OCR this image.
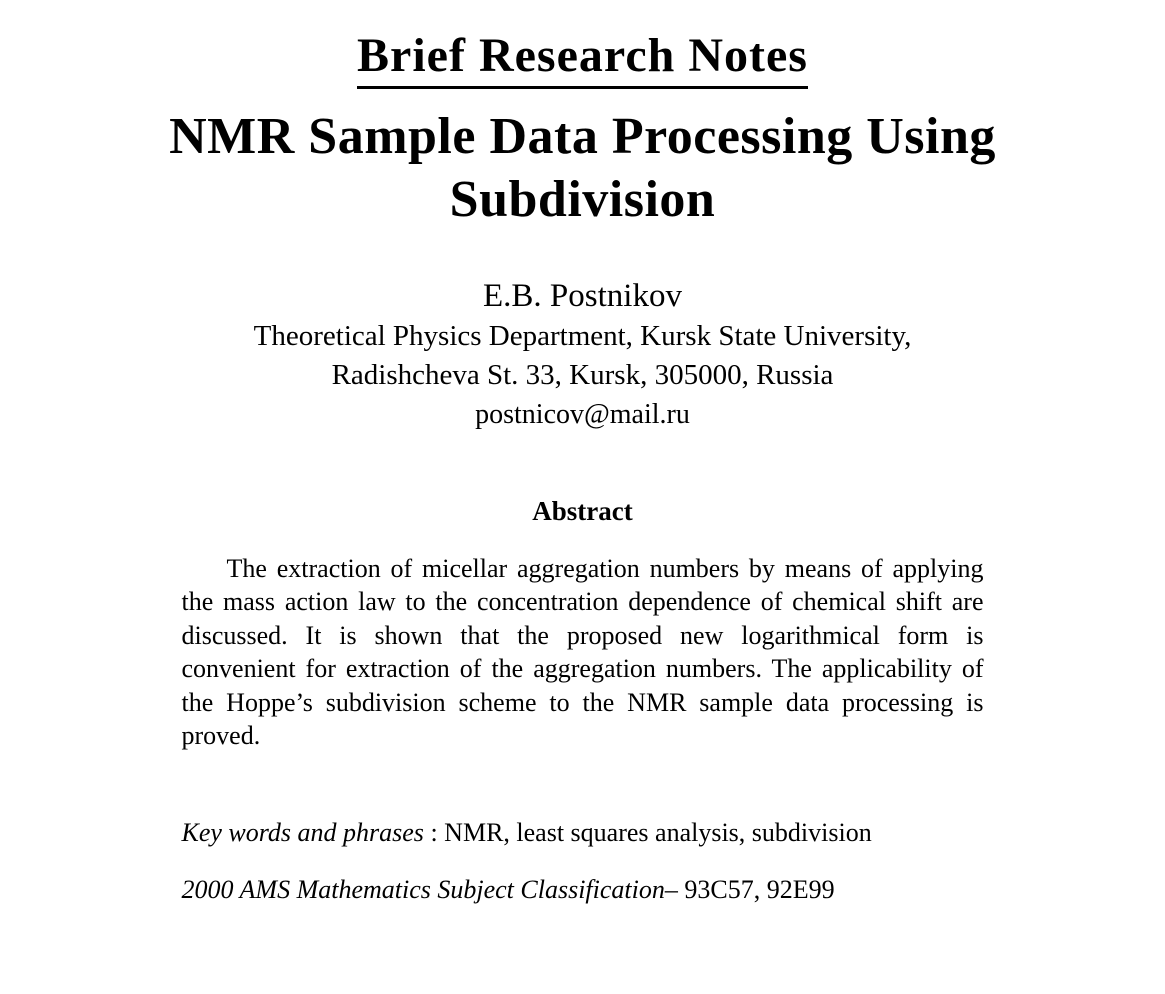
Brief Research Notes
NMR Sample Data Processing Using Subdivision
E.B. Postnikov
Theoretical Physics Department, Kursk State University,
Radishcheva St. 33, Kursk, 305000, Russia
postnicov@mail.ru
Abstract

The extraction of micellar aggregation numbers by means of applying the mass action law to the concentration dependence of chemical shift are discussed. It is shown that the proposed new logarithmical form is convenient for extraction of the aggregation numbers. The applicability of the Hoppe’s subdivision scheme to the NMR sample data processing is proved.

Key words and phrases : NMR, least squares analysis, subdivision

2000 AMS Mathematics Subject Classification– 93C57, 92E99
